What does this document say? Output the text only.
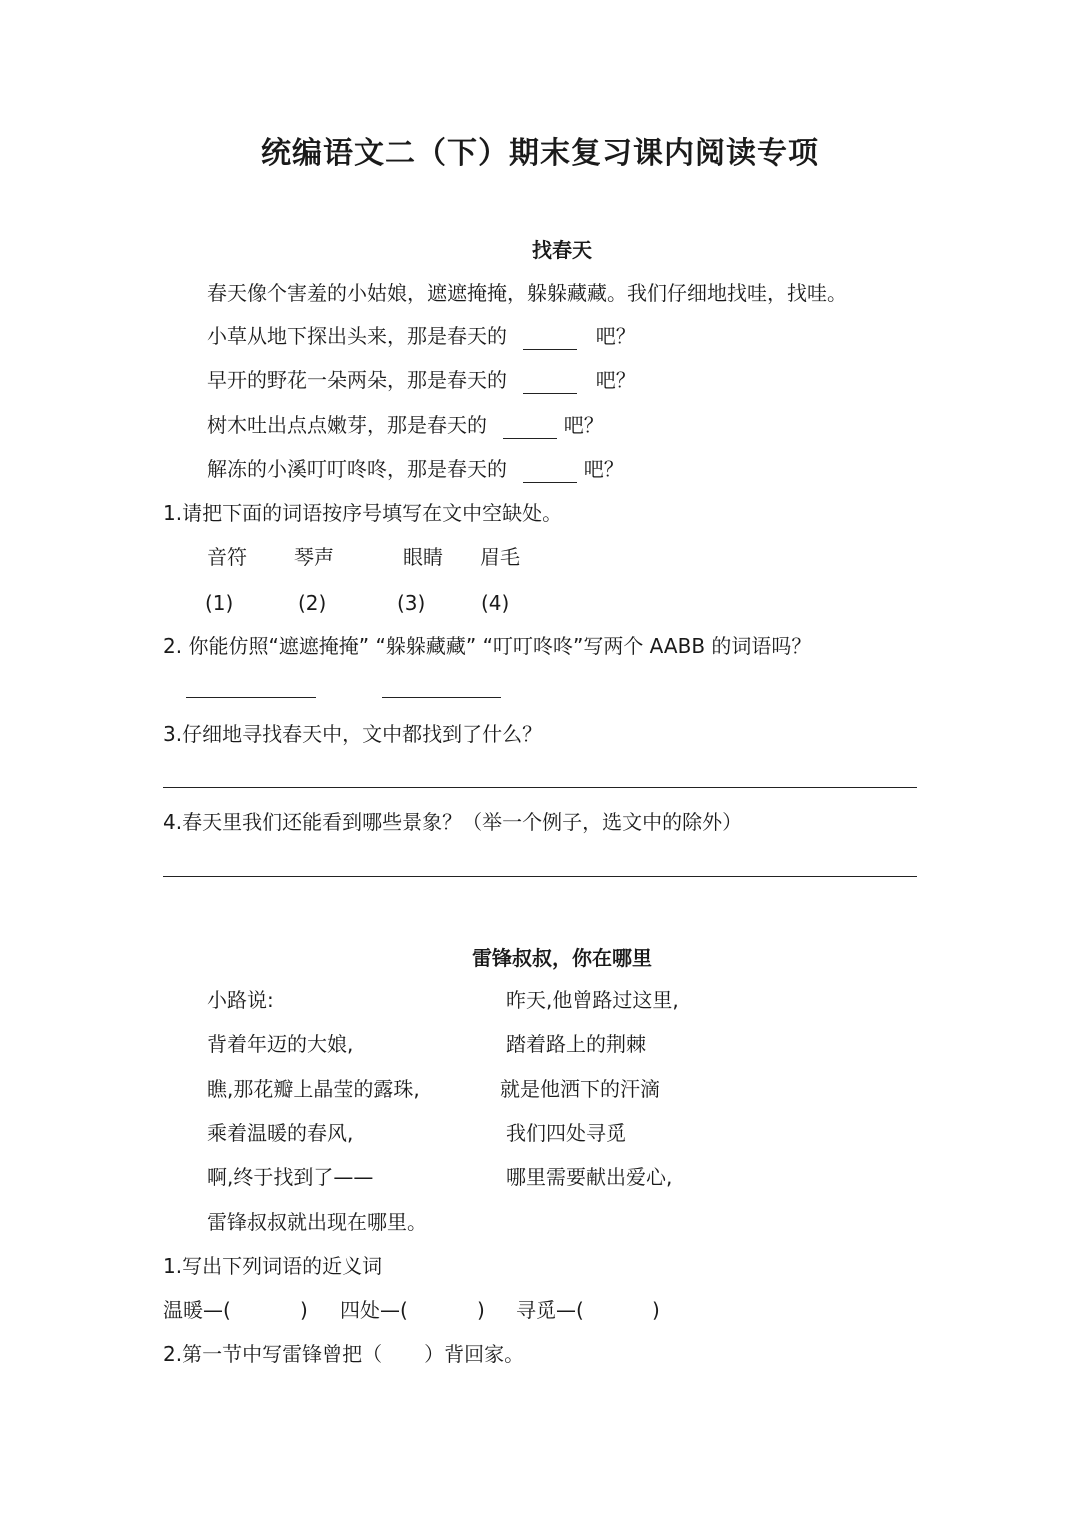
统编语文二（下）期末复习课内阅读专项
找春天
春天像个害羞的小姑娘，遮遮掩掩，躲躲藏藏。我们仔细地找哇，找哇。
小草从地下探出头来，那是春天的	吧？
早开的野花一朵两朵，那是春天的	吧？
树木吐出点点嫩芽，那是春天的	吧？
解冻的小溪叮叮咚咚，那是春天的	吧？
1.请把下面的词语按序号填写在文中空缺处。
音符 琴声	眼睛 眉毛
(1)	(2)	(3)	(4)
2. 你能仿照“遮遮掩掩” “躲躲藏藏” “叮叮咚咚”写两个 AABB 的词语吗？
3.仔细地寻找春天中，文中都找到了什么？
4.春天里我们还能看到哪些景象？（举一个例子，选文中的除外）
雷锋叔叔，你在哪里
小路说:
背着年迈的大娘,
瞧,那花瓣上晶莹的露珠,
乘着温暖的春风,
啊,终于找到了——
雷锋叔叔就出现在哪里。
昨天,他曾路过这里,
踏着路上的荆棘
就是他洒下的汗滴
我们四处寻觅
哪里需要献出爱心,
1.写出下列词语的近义词
温暖—(	) 四处—(	) 寻觅—(	)
2.第一节中写雷锋曾把（ ）背回家。
